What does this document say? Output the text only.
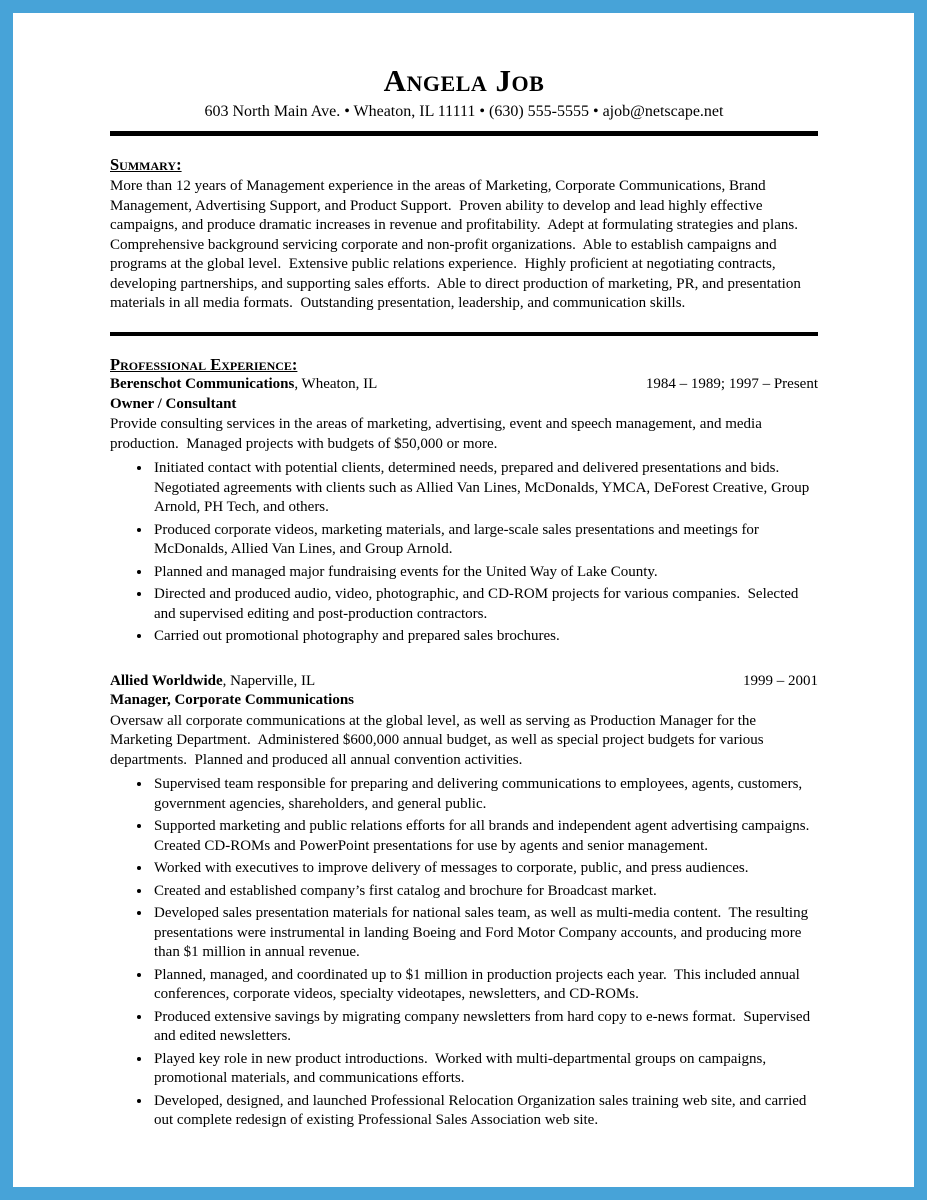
Angela Job
603 North Main Ave. • Wheaton, IL 11111 • (630) 555-5555 • ajob@netscape.net
Summary:

More than 12 years of Management experience in the areas of Marketing, Corporate Communications, Brand Management, Advertising Support, and Product Support.  Proven ability to develop and lead highly effective campaigns, and produce dramatic increases in revenue and profitability.  Adept at formulating strategies and plans.  Comprehensive background servicing corporate and non-profit organizations.  Able to establish campaigns and programs at the global level.  Extensive public relations experience.  Highly proficient at negotiating contracts, developing partnerships, and supporting sales efforts.  Able to direct production of marketing, PR, and presentation materials in all media formats.  Outstanding presentation, leadership, and communication skills.

Professional Experience:
Berenschot Communications, Wheaton, IL	1984 – 1989; 1997 – Present
Owner / Consultant

Provide consulting services in the areas of marketing, advertising, event and speech management, and media production.  Managed projects with budgets of $50,000 or more.

• Initiated contact with potential clients, determined needs, prepared and delivered presentations and bids.  Negotiated agreements with clients such as Allied Van Lines, McDonalds, YMCA, DeForest Creative, Group Arnold, PH Tech, and others.
• Produced corporate videos, marketing materials, and large-scale sales presentations and meetings for McDonalds, Allied Van Lines, and Group Arnold.
• Planned and managed major fundraising events for the United Way of Lake County.
• Directed and produced audio, video, photographic, and CD-ROM projects for various companies.  Selected and supervised editing and post-production contractors.
• Carried out promotional photography and prepared sales brochures.
Allied Worldwide, Naperville, IL	1999 – 2001
Manager, Corporate Communications

Oversaw all corporate communications at the global level, as well as serving as Production Manager for the Marketing Department.  Administered $600,000 annual budget, as well as special project budgets for various departments.  Planned and produced all annual convention activities.

• Supervised team responsible for preparing and delivering communications to employees, agents, customers, government agencies, shareholders, and general public.
• Supported marketing and public relations efforts for all brands and independent agent advertising campaigns.  Created CD-ROMs and PowerPoint presentations for use by agents and senior management.
• Worked with executives to improve delivery of messages to corporate, public, and press audiences.
• Created and established company’s first catalog and brochure for Broadcast market.
• Developed sales presentation materials for national sales team, as well as multi-media content.  The resulting presentations were instrumental in landing Boeing and Ford Motor Company accounts, and producing more than $1 million in annual revenue.
• Planned, managed, and coordinated up to $1 million in production projects each year.  This included annual conferences, corporate videos, specialty videotapes, newsletters, and CD-ROMs.
• Produced extensive savings by migrating company newsletters from hard copy to e-news format.  Supervised and edited newsletters.
• Played key role in new product introductions.  Worked with multi-departmental groups on campaigns, promotional materials, and communications efforts.
• Developed, designed, and launched Professional Relocation Organization sales training web site, and carried out complete redesign of existing Professional Sales Association web site.
